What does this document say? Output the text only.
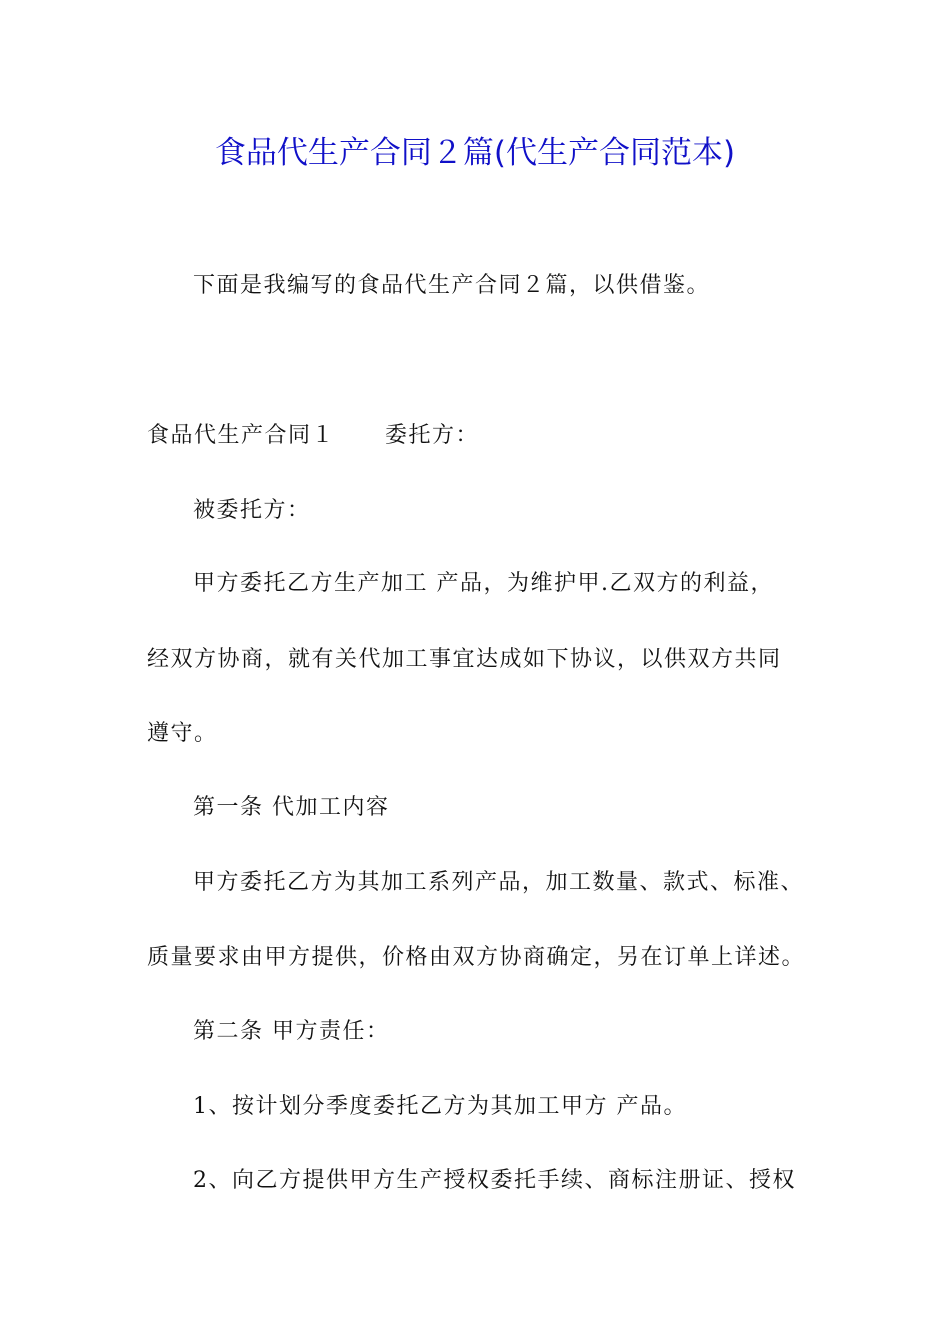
食品代生产合同２篇(代生产合同范本)

下面是我编写的食品代生产合同２篇，以供借鉴。

食品代生产合同１ 委托方：

被委托方：

甲方委托乙方生产加工 产品，为维护甲.乙双方的利益，

经双方协商，就有关代加工事宜达成如下协议，以供双方共同

遵守。

第一条 代加工内容

甲方委托乙方为其加工系列产品，加工数量、款式、标准、

质量要求由甲方提供，价格由双方协商确定，另在订单上详述。

第二条 甲方责任：

1、按计划分季度委托乙方为其加工甲方 产品。

2、向乙方提供甲方生产授权委托手续、商标注册证、授权
